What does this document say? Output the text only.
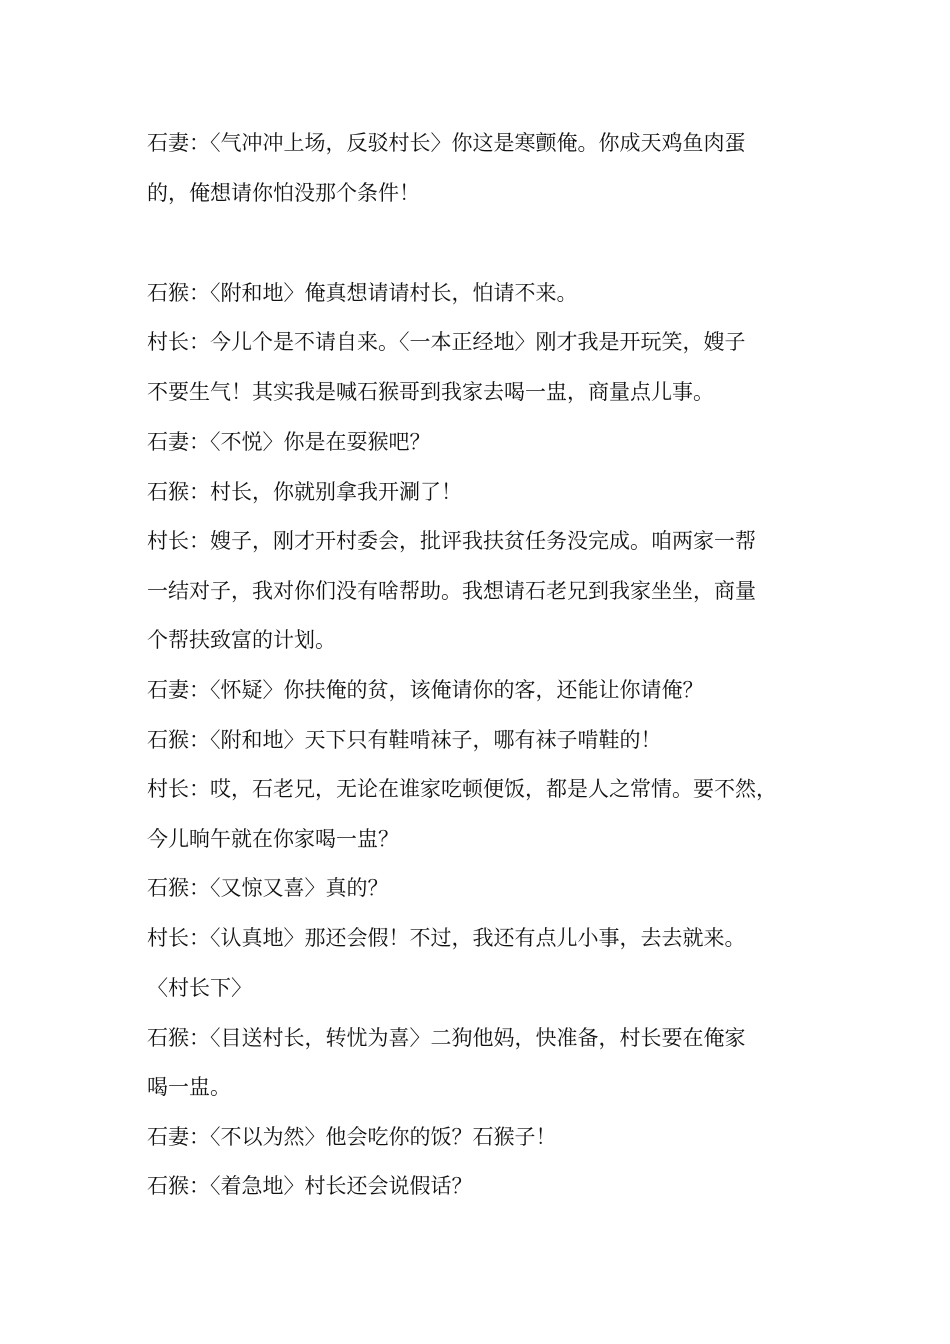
石妻：〈气冲冲上场，反驳村长〉你这是寒颤俺。你成天鸡鱼肉蛋
的，俺想请你怕没那个条件！
石猴：〈附和地〉俺真想请请村长，怕请不来。
村长：今儿个是不请自来。〈一本正经地〉刚才我是开玩笑，嫂子
不要生气！其实我是喊石猴哥到我家去喝一盅，商量点儿事。
石妻：〈不悦〉你是在耍猴吧？
石猴：村长，你就别拿我开涮了！
村长：嫂子，刚才开村委会，批评我扶贫任务没完成。咱两家一帮
一结对子，我对你们没有啥帮助。我想请石老兄到我家坐坐，商量
个帮扶致富的计划。
石妻：〈怀疑〉你扶俺的贫，该俺请你的客，还能让你请俺？
石猴：〈附和地〉天下只有鞋啃袜子，哪有袜子啃鞋的！
村长：哎，石老兄，无论在谁家吃顿便饭，都是人之常情。要不然，
今儿晌午就在你家喝一盅？
石猴：〈又惊又喜〉真的？
村长：〈认真地〉那还会假！不过，我还有点儿小事，去去就来。
〈村长下〉
石猴：〈目送村长，转忧为喜〉二狗他妈，快准备，村长要在俺家
喝一盅。
石妻：〈不以为然〉他会吃你的饭？石猴子！
石猴：〈着急地〉村长还会说假话？
